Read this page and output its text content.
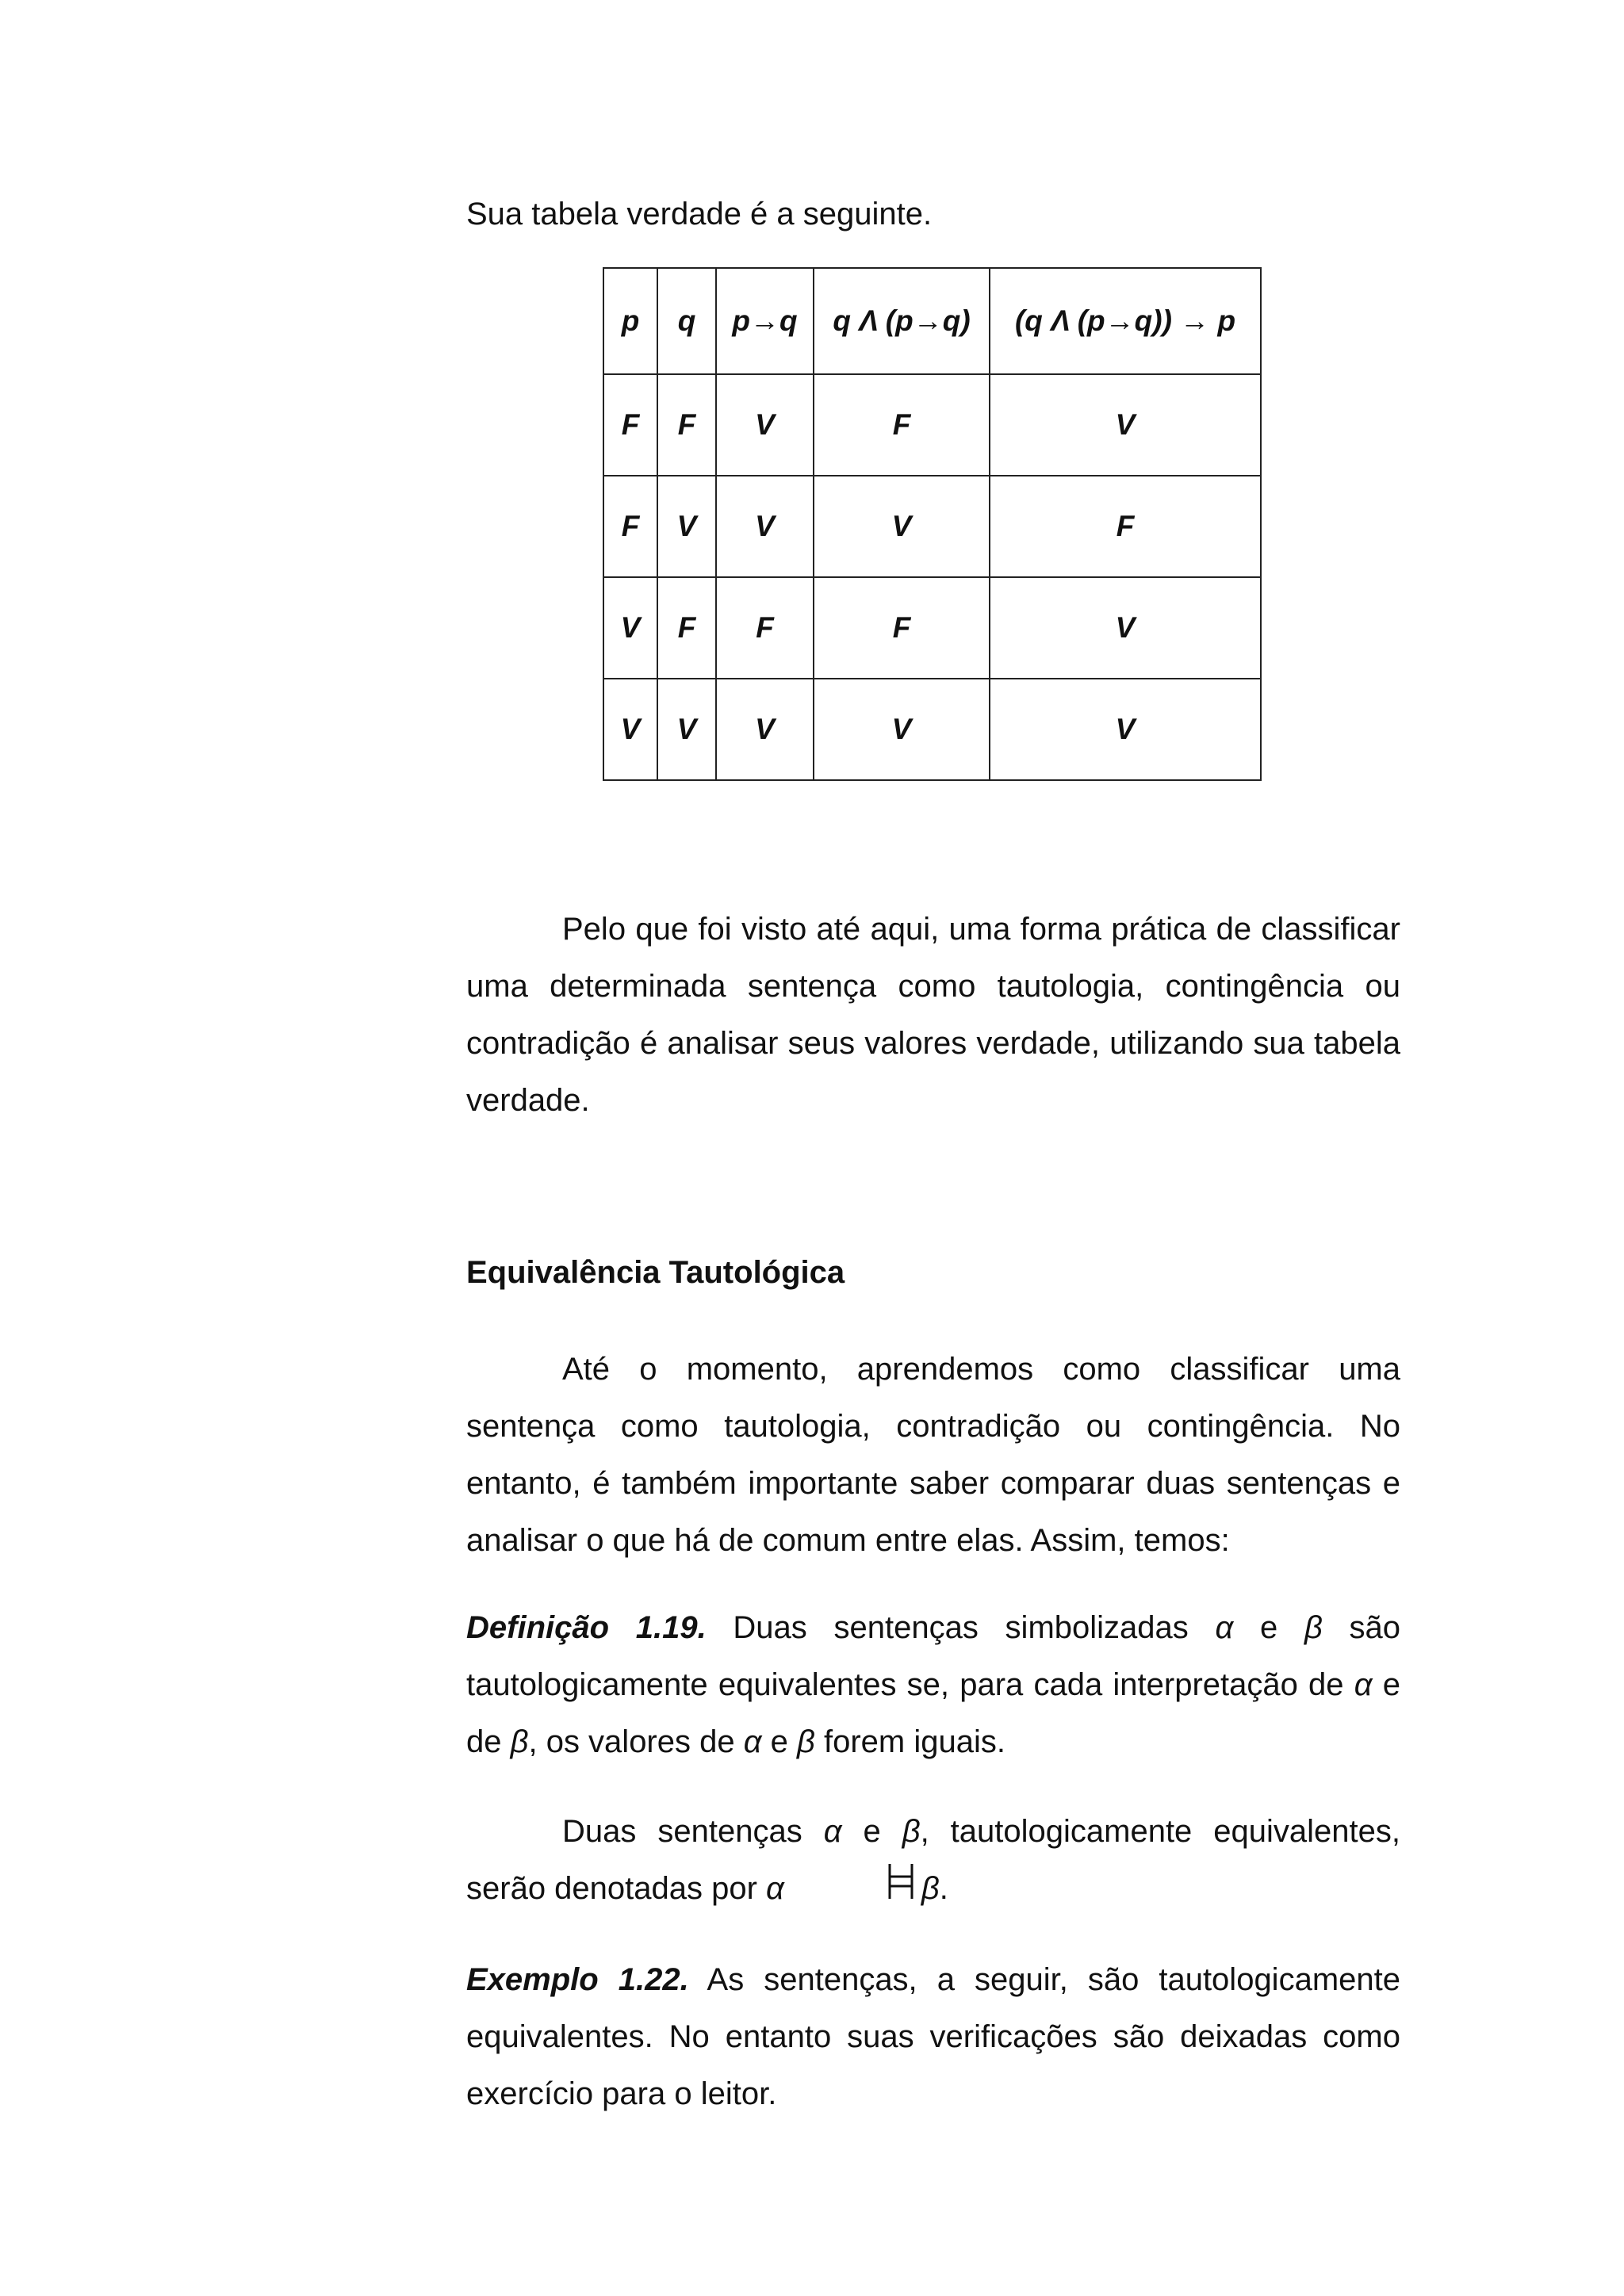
Sua tabela verdade é a seguinte.

p	q	p→q	q Λ (p→q)	(q Λ (p→q)) → p
F	F	V	F	V
F	V	V	V	F
V	F	F	F	V
V	V	V	V	V

Pelo que foi visto até aqui, uma forma prática de classificar uma determinada sentença como tautologia, contingência ou contradição é analisar seus valores verdade, utilizando sua tabela verdade.

Equivalência Tautológica

Até o momento, aprendemos como classificar uma sentença como tautologia, contradição ou contingência. No entanto, é também importante saber comparar duas sentenças e analisar o que há de comum entre elas. Assim, temos:

Definição 1.19. Duas sentenças simbolizadas α e β são tautologicamente equivalentes se, para cada interpretação de α e de β, os valores de α e β forem iguais.

Duas sentenças α e β, tautologicamente equivalentes, serão denotadas por α	β.

Exemplo 1.22. As sentenças, a seguir, são tautologicamente equivalentes. No entanto suas verificações são deixadas como exercício para o leitor.
